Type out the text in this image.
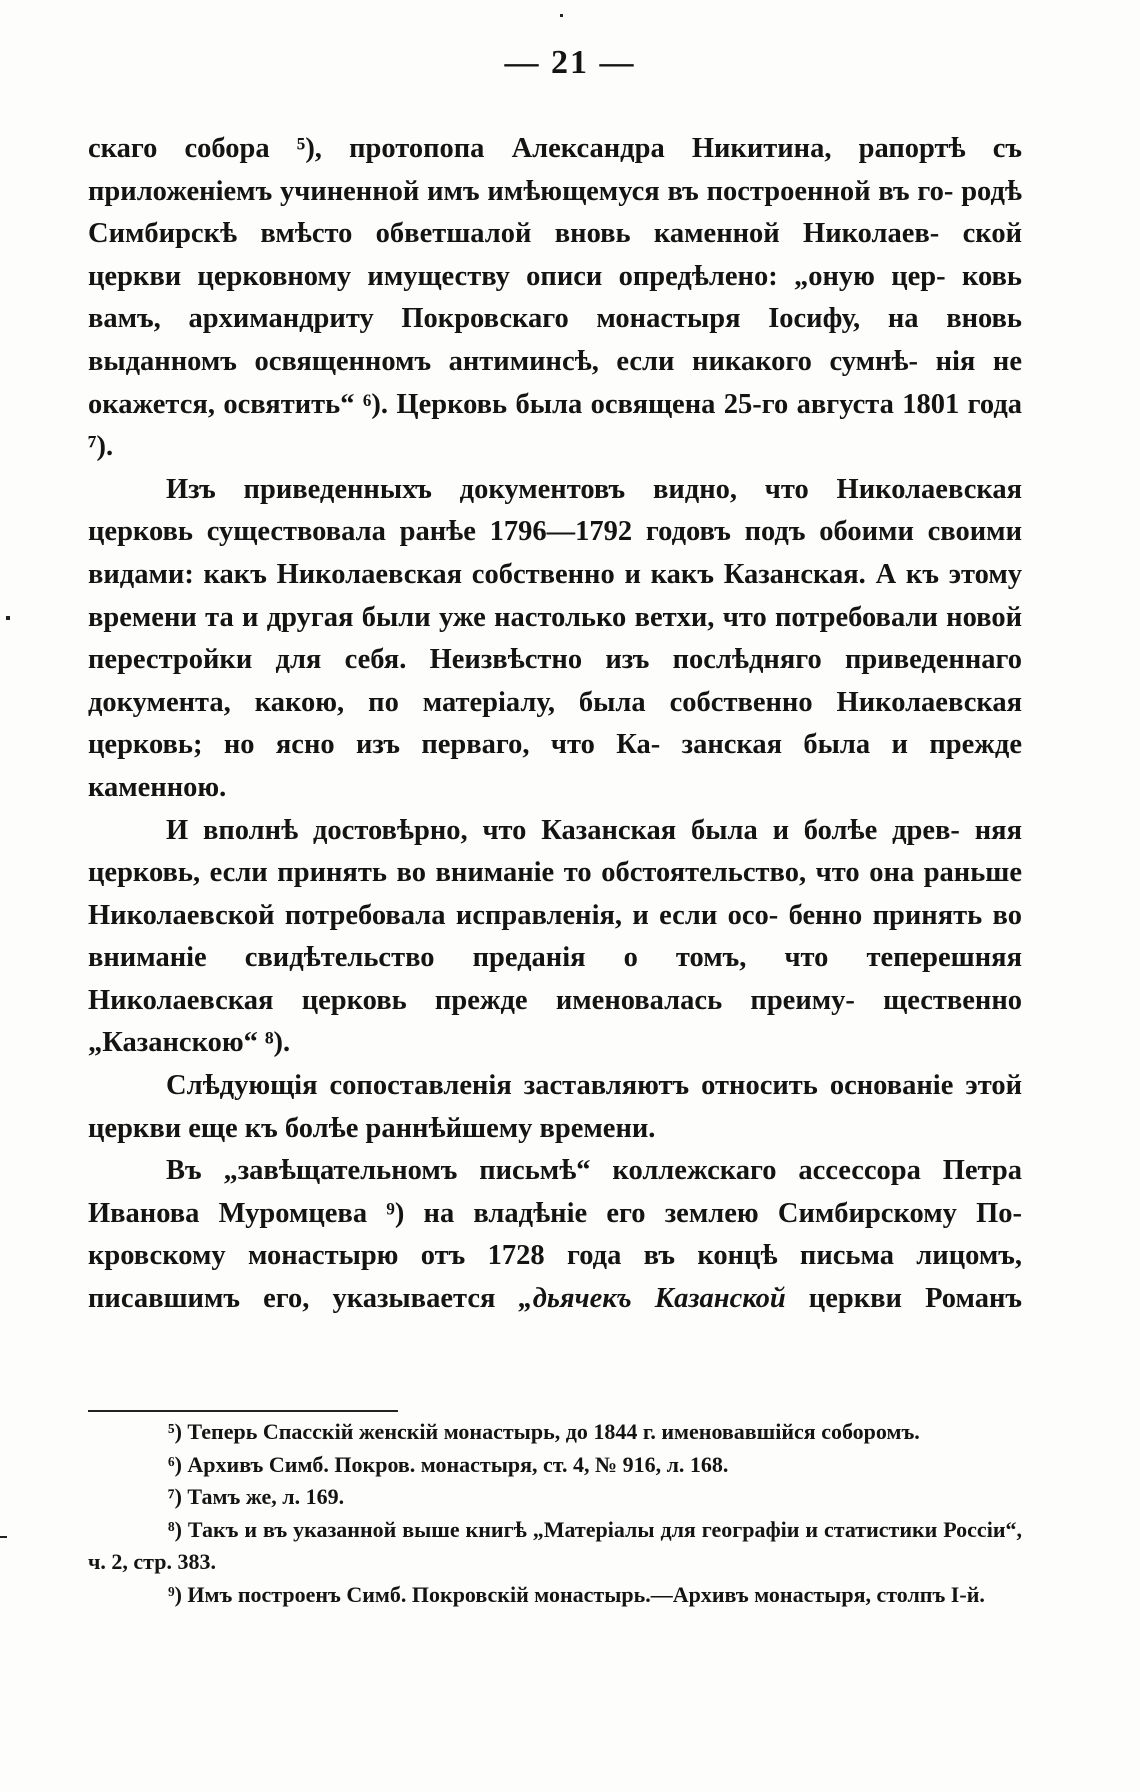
— 21 —

скаго собора ⁵), протопопа Александра Никитина, рапортѣ съ приложеніемъ учиненной имъ имѣющемуся въ построенной въ го- родѣ Симбирскѣ вмѣсто обветшалой вновь каменной Николаев- ской церкви церковному имуществу описи опредѣлено: „оную цер- ковь вамъ, архимандриту Покровскаго монастыря Іосифу, на вновь выданномъ освященномъ антиминсѣ, если никакого сумнѣ- нія не окажется, освятить“ ⁶). Церковь была освящена 25-го августа 1801 года ⁷).

Изъ приведенныхъ документовъ видно, что Николаевская церковь существовала ранѣе 1796—1792 годовъ подъ обоими своими видами: какъ Николаевская собственно и какъ Казанская. А къ этому времени та и другая были уже настолько ветхи, что потребовали новой перестройки для себя. Неизвѣстно изъ послѣдняго приведеннаго документа, какою, по матеріалу, была собственно Николаевская церковь; но ясно изъ перваго, что Ка- занская была и прежде каменною.

И вполнѣ достовѣрно, что Казанская была и болѣе древ- няя церковь, если принять во вниманіе то обстоятельство, что она раньше Николаевской потребовала исправленія, и если осо- бенно принять во вниманіе свидѣтельство преданія о томъ, что теперешняя Николаевская церковь прежде именовалась преиму- щественно „Казанскою“ ⁸).

Слѣдующія сопоставленія заставляютъ относить основаніе этой церкви еще къ болѣе раннѣйшему времени.

Въ „завѣщательномъ письмѣ“ коллежскаго ассессора Петра Иванова Муромцева ⁹) на владѣніе его землею Симбирскому По- кровскому монастырю отъ 1728 года въ концѣ письма лицомъ, писавшимъ его, указывается „дьячекъ Казанской церкви Романъ

⁵) Теперь Спасскій женскій монастырь, до 1844 г. именовавшійся соборомъ.

⁶) Архивъ Симб. Покров. монастыря, ст. 4, № 916, л. 168.

⁷) Тамъ же, л. 169.

⁸) Такъ и въ указанной выше книгѣ „Матеріалы для географіи и статистики Россіи“, ч. 2, стр. 383.

⁹) Имъ построенъ Симб. Покровскій монастырь.—Архивъ монастыря, столпъ I-й.
